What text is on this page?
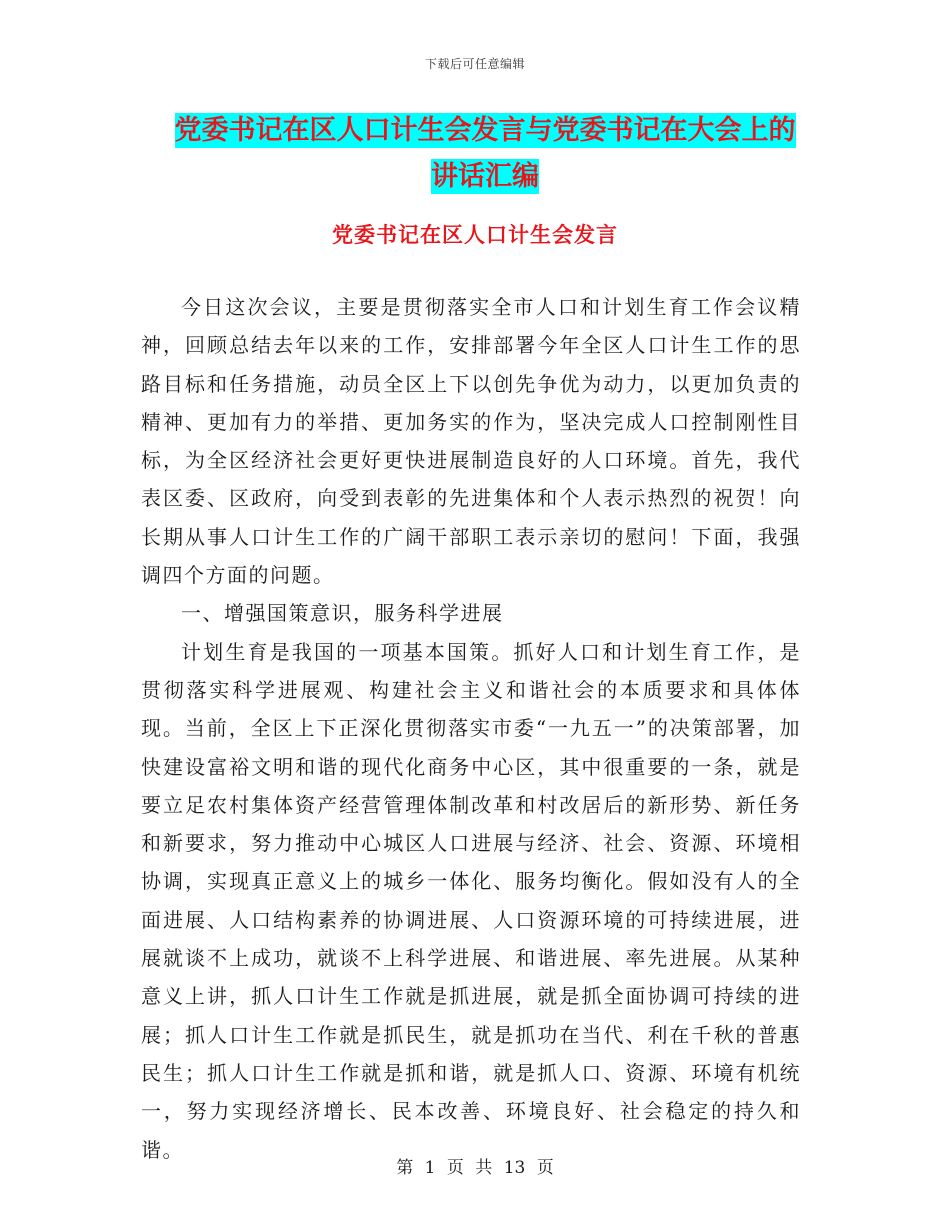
下载后可任意编辑
党委书记在区人口计生会发言与党委书记在大会上的
讲话汇编
党委书记在区人口计生会发言

今日这次会议，主要是贯彻落实全市人口和计划生育工作会议精神，回顾总结去年以来的工作，安排部署今年全区人口计生工作的思路目标和任务措施，动员全区上下以创先争优为动力，以更加负责的精神、更加有力的举措、更加务实的作为，坚决完成人口控制刚性目标，为全区经济社会更好更快进展制造良好的人口环境。首先，我代表区委、区政府，向受到表彰的先进集体和个人表示热烈的祝贺！向长期从事人口计生工作的广阔干部职工表示亲切的慰问！下面，我强调四个方面的问题。

一、增强国策意识，服务科学进展

计划生育是我国的一项基本国策。抓好人口和计划生育工作，是贯彻落实科学进展观、构建社会主义和谐社会的本质要求和具体体现。当前，全区上下正深化贯彻落实市委“一九五一”的决策部署，加快建设富裕文明和谐的现代化商务中心区，其中很重要的一条，就是要立足农村集体资产经营管理体制改革和村改居后的新形势、新任务和新要求，努力推动中心城区人口进展与经济、社会、资源、环境相协调，实现真正意义上的城乡一体化、服务均衡化。假如没有人的全面进展、人口结构素养的协调进展、人口资源环境的可持续进展，进展就谈不上成功，就谈不上科学进展、和谐进展、率先进展。从某种意义上讲，抓人口计生工作就是抓进展，就是抓全面协调可持续的进展；抓人口计生工作就是抓民生，就是抓功在当代、利在千秋的普惠民生；抓人口计生工作就是抓和谐，就是抓人口、资源、环境有机统一，努力实现经济增长、民本改善、环境良好、社会稳定的持久和谐。

第 1 页 共 13 页
